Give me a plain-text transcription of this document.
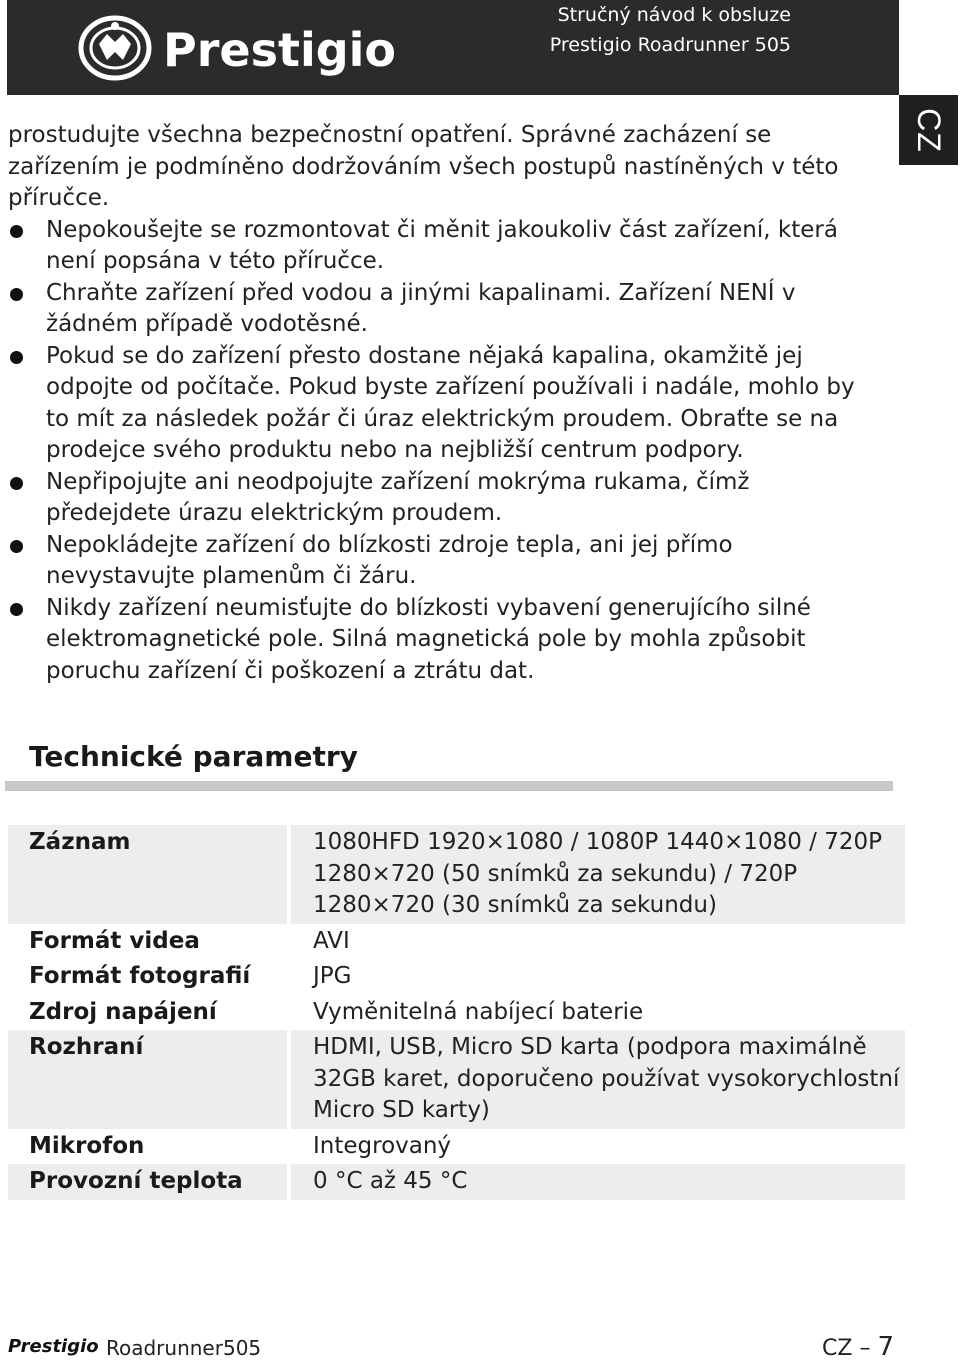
Prestigio
Stručný návod k obsluze
Prestigio Roadrunner 505
CZ

prostudujte všechna bezpečnostní opatření. Správné zacházení se zařízením je podmíněno dodržováním všech postupů nastíněných v této příručce.

Nepokoušejte se rozmontovat či měnit jakoukoliv část zařízení, která není popsána v této příručce.
Chraňte zařízení před vodou a jinými kapalinami. Zařízení NENÍ v žádném případě vodotěsné.
Pokud se do zařízení přesto dostane nějaká kapalina, okamžitě jej odpojte od počítače. Pokud byste zařízení používali i nadále, mohlo by to mít za následek požár či úraz elektrickým proudem. Obraťte se na prodejce svého produktu nebo na nejbližší centrum podpory.
Nepřipojujte ani neodpojujte zařízení mokrýma rukama, čímž předejdete úrazu elektrickým proudem.
Nepokládejte zařízení do blízkosti zdroje tepla, ani jej přímo nevystavujte plamenům či žáru.
Nikdy zařízení neumisťujte do blízkosti vybavení generujícího silné elektromagnetické pole. Silná magnetická pole by mohla způsobit poruchu zařízení či poškození a ztrátu dat.
Technické parametry
Záznam		1080HFD 1920×1080 / 1080P 1440×1080 / 720P 1280×720 (50 snímků za sekundu) / 720P 1280×720 (30 snímků za sekundu)
Formát videa		AVI
Formát fotografií		JPG
Zdroj napájení		Vyměnitelná nabíjecí baterie
Rozhraní		HDMI, USB, Micro SD karta (podpora maximálně 32GB karet, doporučeno používat vysokorychlostní Micro SD karty)
Mikrofon		Integrovaný
Provozní teplota		0 °C až 45 °C
Prestigio Roadrunner505	CZ – 7
